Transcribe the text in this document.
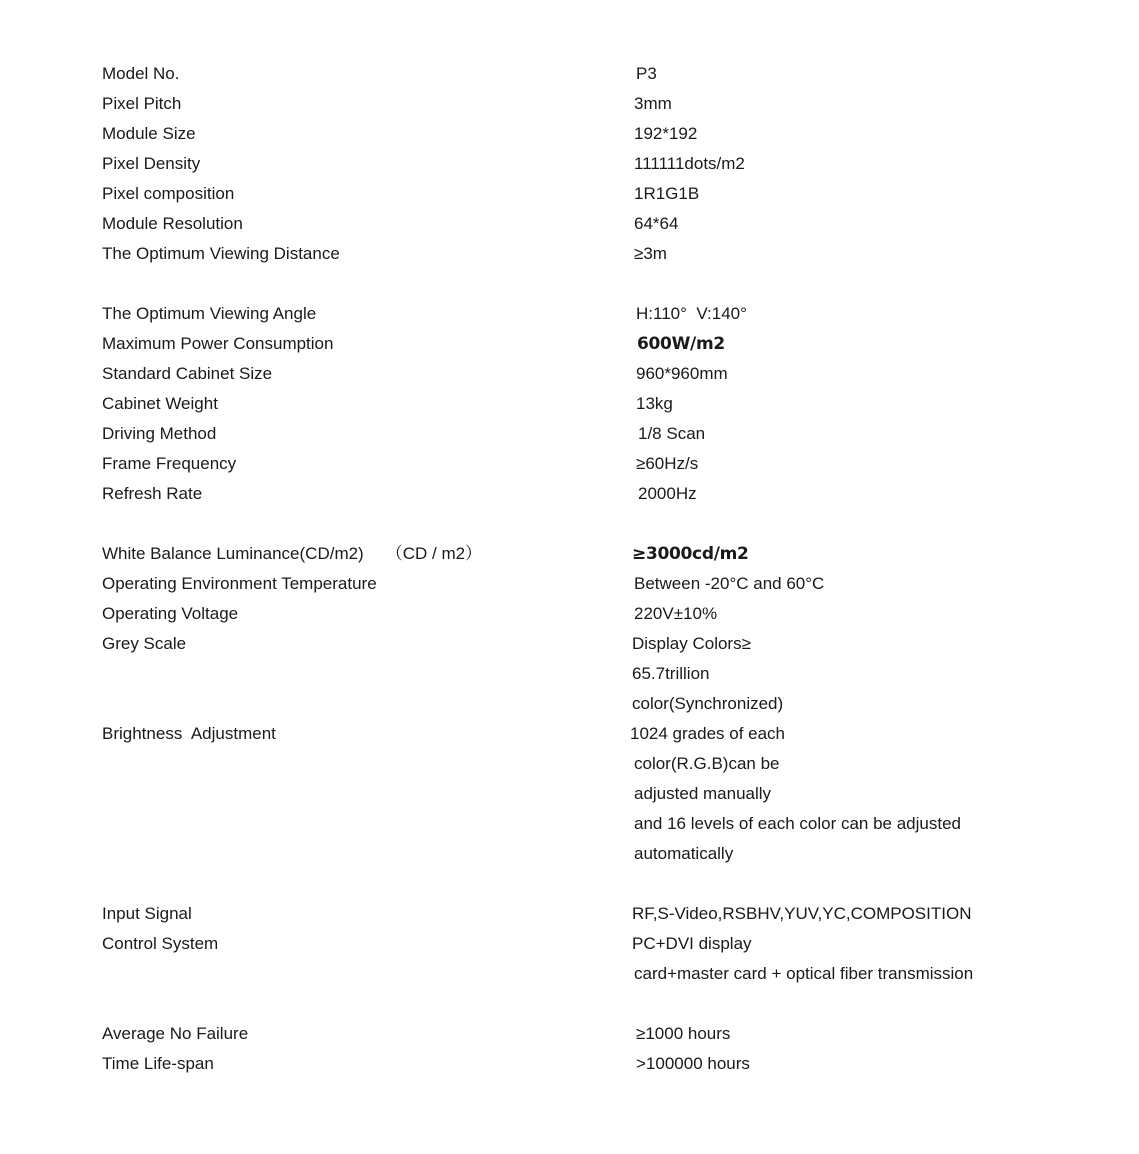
Model No.	P3
Pixel Pitch	3mm
Module Size	192*192
Pixel Density	111111dots/m2
Pixel composition	1R1G1B
Module Resolution	64*64
The Optimum Viewing Distance	≥3m
The Optimum Viewing Angle	H:110°  V:140°
Maximum Power Consumption	600W/m2
Standard Cabinet Size	960*960mm
Cabinet Weight	13kg
Driving Method	1/8 Scan
Frame Frequency	≥60Hz/s
Refresh Rate	2000Hz
White Balance Luminance(CD/m2) （CD / m2）	≥3000cd/m2
Operating Environment Temperature	Between -20°C and 60°C
Operating Voltage	220V±10%
Grey Scale	Display Colors≥
65.7trillion
color(Synchronized)
Brightness  Adjustment	1024 grades of each
color(R.G.B)can be
adjusted manually
and 16 levels of each color can be adjusted
automatically
Input Signal	RF,S-Video,RSBHV,YUV,YC,COMPOSITION
Control System	PC+DVI display
card+master card + optical fiber transmission
Average No Failure	≥1000 hours
Time Life-span	>100000 hours
